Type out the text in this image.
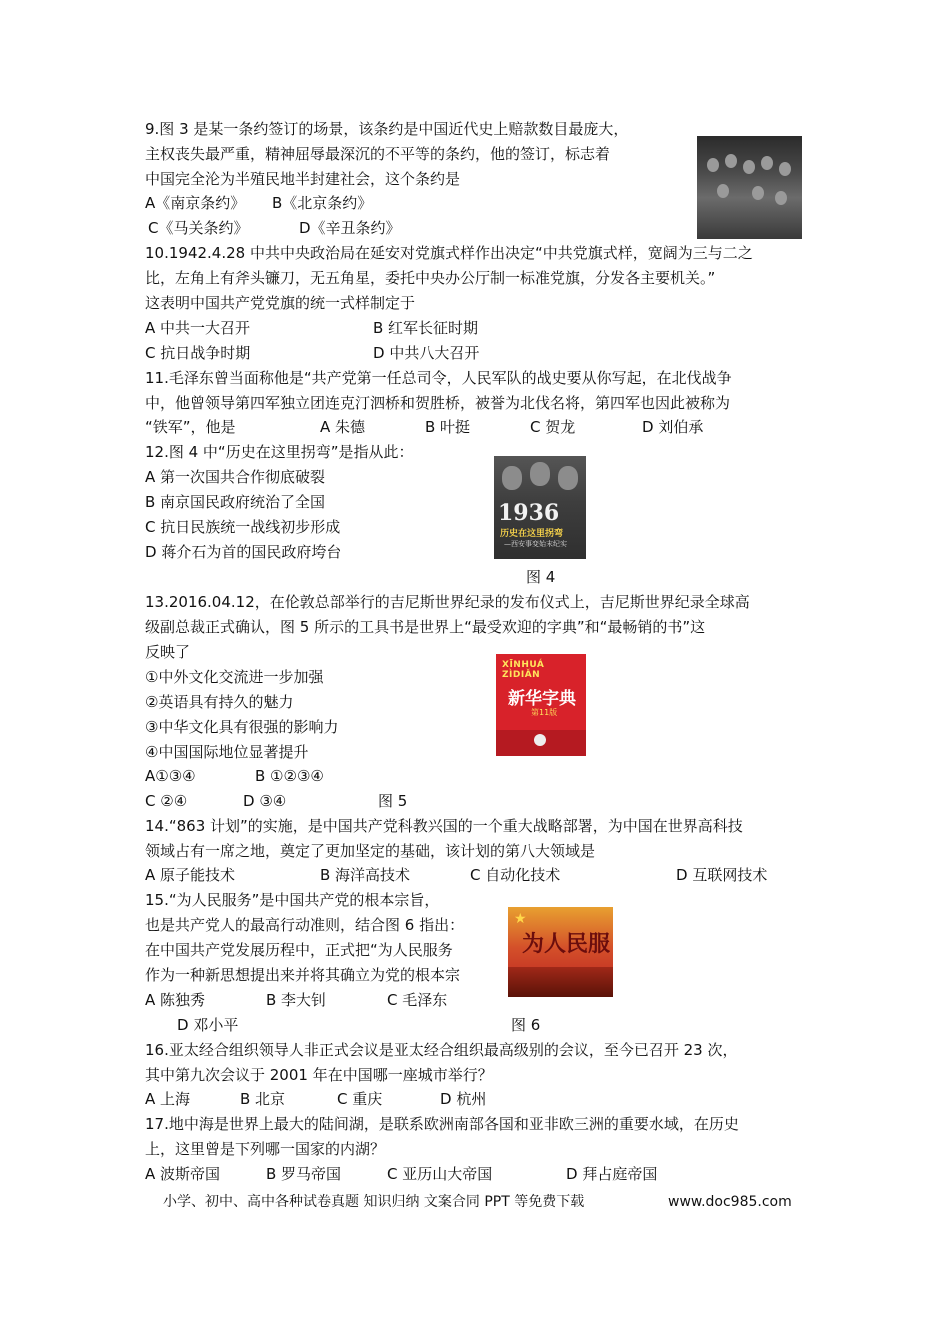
9.图 3 是某一条约签订的场景，该条约是中国近代史上赔款数目最庞大，
主权丧失最严重，精神屈辱最深沉的不平等的条约，他的签订，标志着
中国完全沦为半殖民地半封建社会，这个条约是
A《南京条约》 B《北京条约》
C《马关条约》	D《辛丑条约》
10.1942.4.28 中共中央政治局在延安对党旗式样作出决定“中共党旗式样，宽阔为三与二之
比，左角上有斧头镰刀，无五角星，委托中央办公厅制一标准党旗，分发各主要机关。”
这表明中国共产党党旗的统一式样制定于
A 中共一大召开	B 红军长征时期
C 抗日战争时期	D 中共八大召开
11.毛泽东曾当面称他是“共产党第一任总司令，人民军队的战史要从你写起，在北伐战争
中，他曾领导第四军独立团连克汀泗桥和贺胜桥，被誉为北伐名将，第四军也因此被称为
“铁军”，他是	A 朱德	B 叶挺	C 贺龙	D 刘伯承
12.图 4 中“历史在这里拐弯”是指从此：
A 第一次国共合作彻底破裂
B 南京国民政府统治了全国
C 抗日民族统一战线初步形成
D 蒋介石为首的国民政府垮台
1936
历史在这里拐弯
—西安事变始末纪实
图 4
13.2016.04.12，在伦敦总部举行的吉尼斯世界纪录的发布仪式上，吉尼斯世界纪录全球高
级副总裁正式确认，图 5 所示的工具书是世界上“最受欢迎的字典”和“最畅销的书”这
反映了
①中外文化交流进一步加强
②英语具有持久的魅力
③中华文化具有很强的影响力
④中国国际地位显著提升
A①③④	B ①②③④
C ②④	D ③④	图 5
XĪNHUÁ ZÌDIǍN
新华字典
第11版
14.“863 计划”的实施，是中国共产党科教兴国的一个重大战略部署，为中国在世界高科技
领域占有一席之地，奠定了更加坚定的基础，该计划的第八大领域是
A 原子能技术	B 海洋高技术	C 自动化技术	D 互联网技术
15.“为人民服务”是中国共产党的根本宗旨，
也是共产党人的最高行动准则，结合图 6 指出：
在中国共产党发展历程中，正式把“为人民服务
作为一种新思想提出来并将其确立为党的根本宗
A 陈独秀	B 李大钊	C 毛泽东
D 邓小平	图 6
★
为人民服
16.亚太经合组织领导人非正式会议是亚太经合组织最高级别的会议，至今已召开 23 次，
其中第九次会议于 2001 年在中国哪一座城市举行？
A 上海	B 北京	C 重庆	D 杭州
17.地中海是世界上最大的陆间湖，是联系欧洲南部各国和亚非欧三洲的重要水域，在历史
上，这里曾是下列哪一国家的内湖？
A 波斯帝国	B 罗马帝国	C 亚历山大帝国	D 拜占庭帝国
小学、初中、高中各种试卷真题 知识归纳 文案合同 PPT 等免费下载	www.doc985.com
